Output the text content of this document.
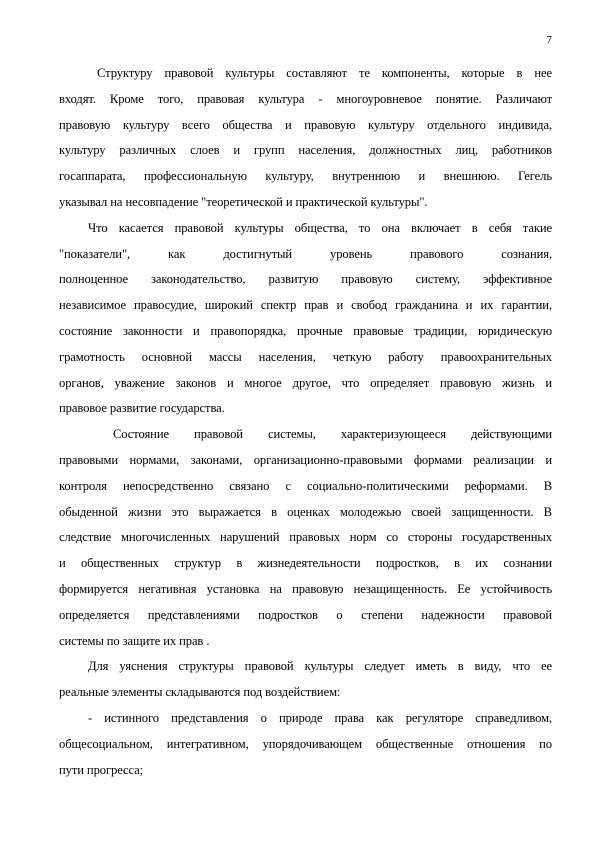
7
Структуру правовой культуры составляют те компоненты, которые в нее
входят. Кроме того, правовая культура - многоуровневое понятие. Различают
правовую культуру всего общества и правовую культуру отдельного индивида,
культуру различных слоев и групп населения, должностных лиц, работников
госаппарата, профессиональную культуру, внутреннюю и внешнюю. Гегель
указывал на несовпадение "теоретической и практической культуры".
Что касается правовой культуры общества, то она включает в себя такие
"показатели", как достигнутый уровень правового сознания,
полноценное законодательство, развитую правовую систему, эффективное
независимое правосудие, широкий спектр прав и свобод гражданина и их гарантии,
состояние законности и правопорядка, прочные правовые традиции, юридическую
грамотность основной массы населения, четкую работу правоохранительных
органов, уважение законов и многое другое, что определяет правовую жизнь и
правовое развитие государства.
Состояние правовой системы, характеризующееся действующими
правовыми нормами, законами, организационно-правовыми формами реализации и
контроля непосредственно связано с социально-политическими реформами. В
обыденной жизни это выражается в оценках молодежью своей защищенности. В
следствие многочисленных нарушений правовых норм со стороны государственных
и общественных структур в жизнедеятельности подростков, в их сознании
формируется негативная установка на правовую незащищенность. Ее устойчивость
определяется представлениями подростков о степени надежности правовой
системы по защите их прав .
Для уяснения структуры правовой культуры следует иметь в виду, что ее
реальные элементы складываются под воздействием:
- истинного представления о природе права как регуляторе справедливом,
общесоциальном, интегративном, упорядочивающем общественные отношения по
пути прогресса;
